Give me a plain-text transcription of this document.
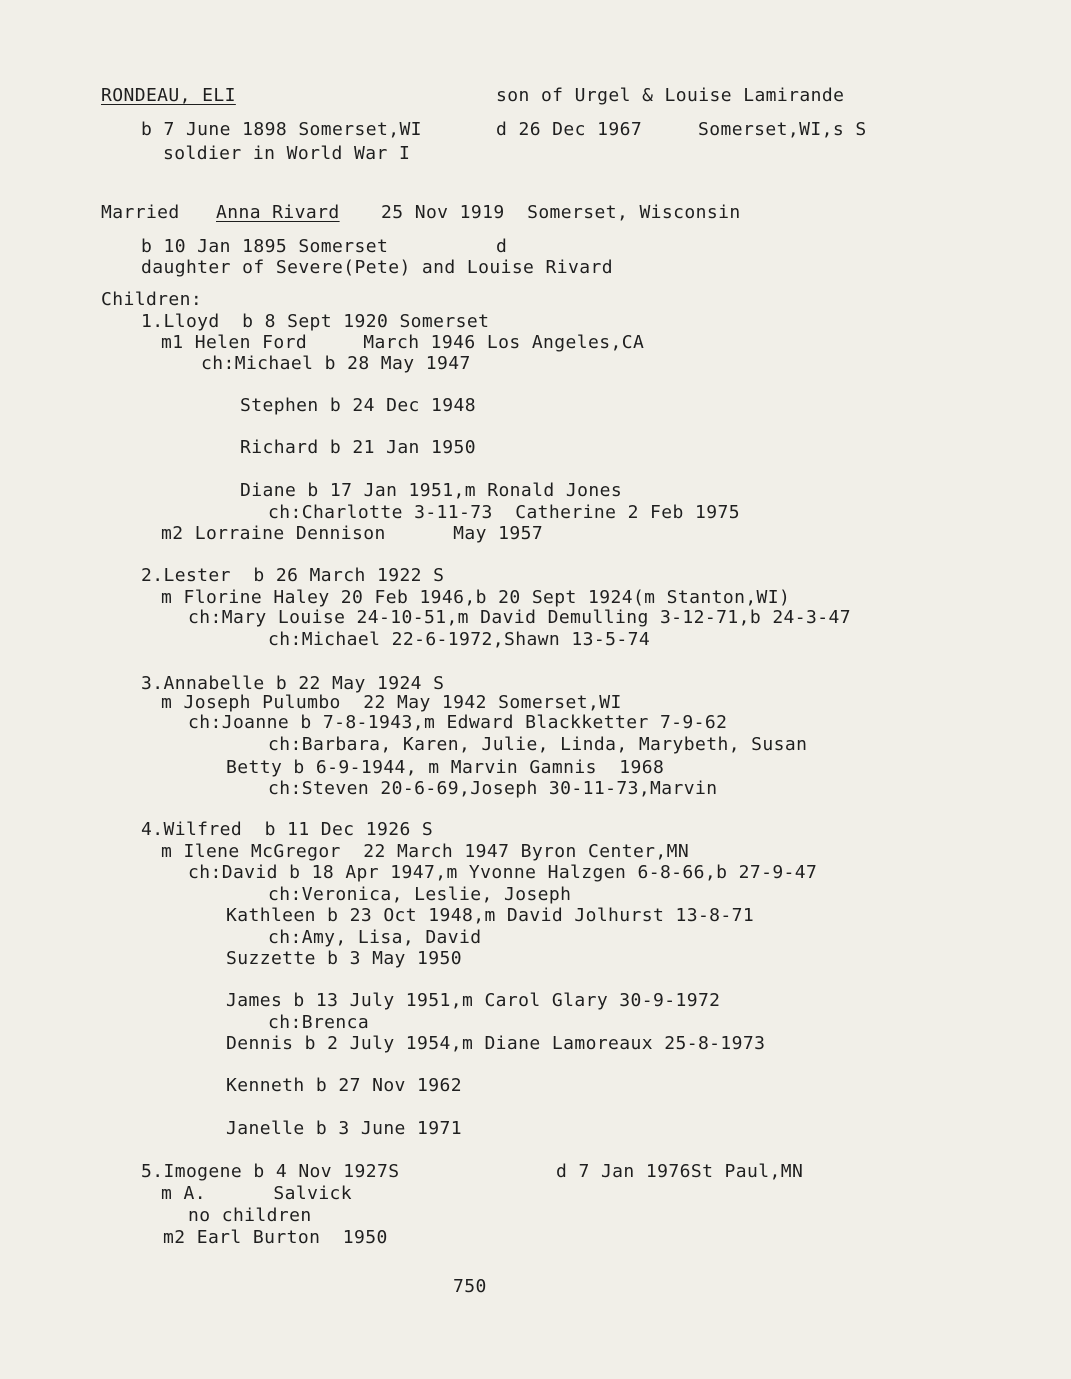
RONDEAU, ELI	son of Urgel & Louise Lamirande
b 7 June 1898 Somerset,WI	d 26 Dec 1967	Somerset,WI,s S
soldier in World War I
Married Anna Rivard 25 Nov 1919  Somerset, Wisconsin
b 10 Jan 1895 Somerset	d
daughter of Severe(Pete) and Louise Rivard
Children:
1.Lloyd  b 8 Sept 1920 Somerset
m1 Helen Ford     March 1946 Los Angeles,CA
ch:Michael b 28 May 1947
Stephen b 24 Dec 1948
Richard b 21 Jan 1950
Diane b 17 Jan 1951,m Ronald Jones
ch:Charlotte 3-11-73  Catherine 2 Feb 1975
m2 Lorraine Dennison      May 1957
2.Lester  b 26 March 1922 S
m Florine Haley 20 Feb 1946,b 20 Sept 1924(m Stanton,WI)
ch:Mary Louise 24-10-51,m David Demulling 3-12-71,b 24-3-47
ch:Michael 22-6-1972,Shawn 13-5-74
3.Annabelle b 22 May 1924 S
m Joseph Pulumbo  22 May 1942 Somerset,WI
ch:Joanne b 7-8-1943,m Edward Blackketter 7-9-62
ch:Barbara, Karen, Julie, Linda, Marybeth, Susan
Betty b 6-9-1944, m Marvin Gamnis  1968
ch:Steven 20-6-69,Joseph 30-11-73,Marvin
4.Wilfred  b 11 Dec 1926 S
m Ilene McGregor  22 March 1947 Byron Center,MN
ch:David b 18 Apr 1947,m Yvonne Halzgen 6-8-66,b 27-9-47
ch:Veronica, Leslie, Joseph
Kathleen b 23 Oct 1948,m David Jolhurst 13-8-71
ch:Amy, Lisa, David
Suzzette b 3 May 1950
James b 13 July 1951,m Carol Glary 30-9-1972
ch:Brenca
Dennis b 2 July 1954,m Diane Lamoreaux 25-8-1973
Kenneth b 27 Nov 1962
Janelle b 3 June 1971
5.Imogene b 4 Nov 1927S	d 7 Jan 1976St Paul,MN
m A.      Salvick
no children
m2 Earl Burton  1950
750
